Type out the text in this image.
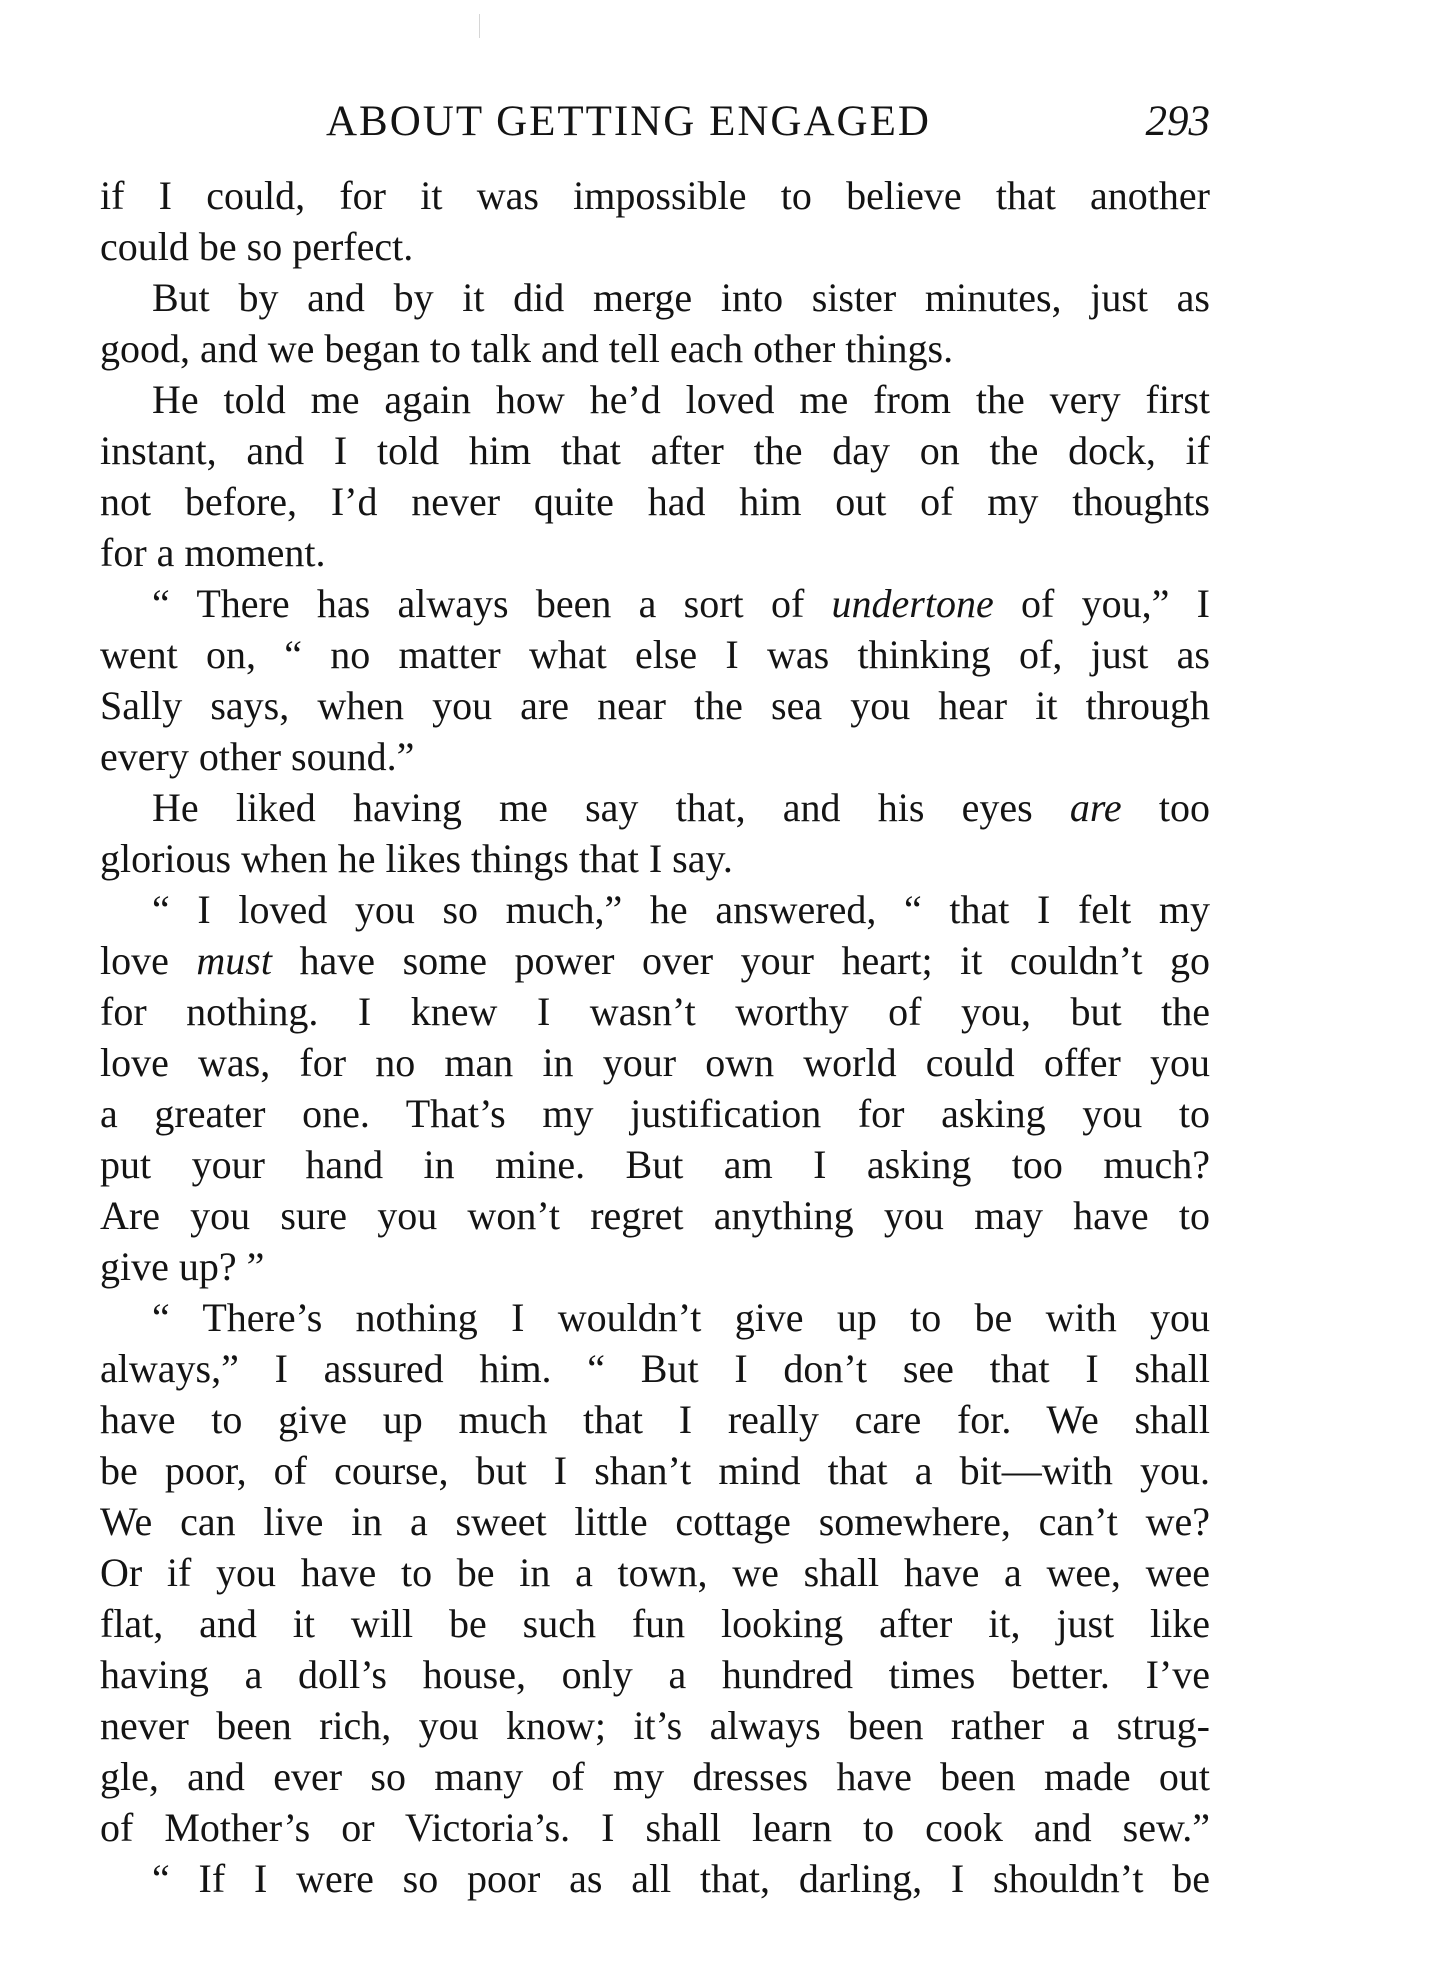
ABOUT GETTING ENGAGED	293
if I could, for it was impossible to believe that another
could be so perfect.
But by and by it did merge into sister minutes, just as
good, and we began to talk and tell each other things.
He told me again how he’d loved me from the very first
instant, and I told him that after the day on the dock, if
not before, I’d never quite had him out of my thoughts
for a moment.
“ There has always been a sort of undertone of you,” I
went on, “ no matter what else I was thinking of, just as
Sally says, when you are near the sea you hear it through
every other sound.”
He liked having me say that, and his eyes are too
glorious when he likes things that I say.
“ I loved you so much,” he answered, “ that I felt my
love must have some power over your heart; it couldn’t go
for nothing. I knew I wasn’t worthy of you, but the
love was, for no man in your own world could offer you
a greater one. That’s my justification for asking you to
put your hand in mine. But am I asking too much?
Are you sure you won’t regret anything you may have to
give up? ”
“ There’s nothing I wouldn’t give up to be with you
always,” I assured him. “ But I don’t see that I shall
have to give up much that I really care for. We shall
be poor, of course, but I shan’t mind that a bit—with you.
We can live in a sweet little cottage somewhere, can’t we?
Or if you have to be in a town, we shall have a wee, wee
flat, and it will be such fun looking after it, just like
having a doll’s house, only a hundred times better. I’ve
never been rich, you know; it’s always been rather a strug-
gle, and ever so many of my dresses have been made out
of Mother’s or Victoria’s. I shall learn to cook and sew.”
“ If I were so poor as all that, darling, I shouldn’t be
